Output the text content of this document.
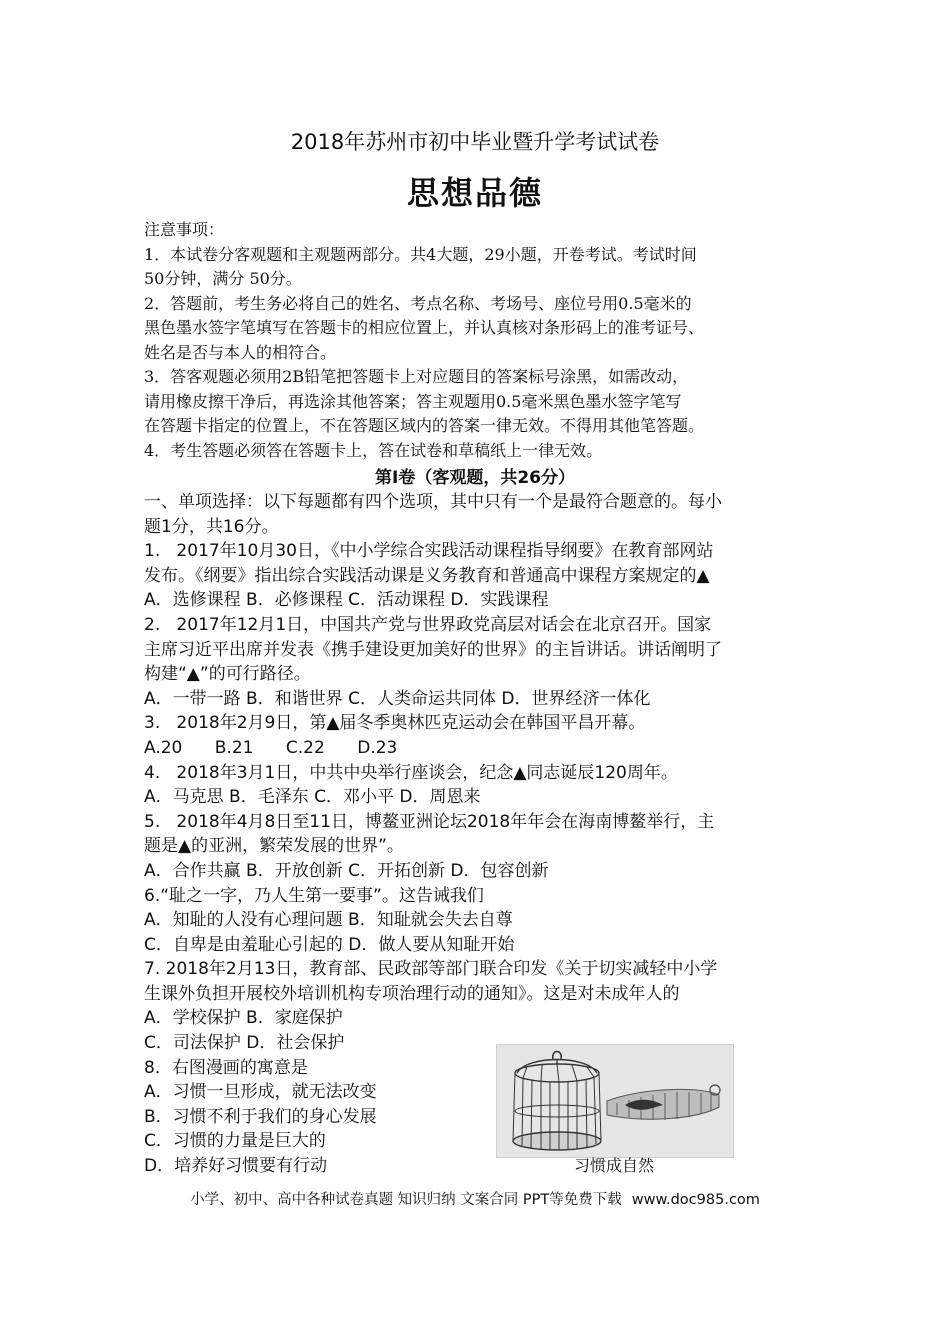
2018年苏州市初中毕业暨升学考试试卷
思想品德

注意事项：

1．本试卷分客观题和主观题两部分。共4大题，29小题，开卷考试。考试时间

50分钟，满分 50分。

2．答题前，考生务必将自己的姓名、考点名称、考场号、座位号用0.5毫米的

黑色墨水签字笔填写在答题卡的相应位置上，并认真核对条形码上的准考证号、

姓名是否与本人的相符合。

3．答客观题必须用2B铅笔把答题卡上对应题目的答案标号涂黑，如需改动，

请用橡皮擦干净后，再选涂其他答案；答主观题用0.5毫米黑色墨水签字笔写

在答题卡指定的位置上，不在答题区域内的答案一律无效。不得用其他笔答题。

4．考生答题必须答在答题卡上，答在试卷和草稿纸上一律无效。

第Ⅰ卷（客观题，共26分）

一、单项选择：以下每题都有四个选项，其中只有一个是最符合题意的。每小

题1分，共16分。

1.   2017年10月30日，《中小学综合实践活动课程指导纲要》在教育部网站

发布。《纲要》指出综合实践活动课是义务教育和普通高中课程方案规定的▲

A．选修课程 B．必修课程 C．活动课程 D．实践课程

2.   2017年12月1日，中国共产党与世界政党高层对话会在北京召开。国家

主席习近平出席并发表《携手建设更加美好的世界》的主旨讲话。讲话阐明了

构建“▲”的可行路径。

A．一带一路 B．和谐世界 C．人类命运共同体 D．世界经济一体化

3.   2018年2月9日，第▲届冬季奥林匹克运动会在韩国平昌开幕。

A.20      B.21      C.22      D.23

4.   2018年3月1日，中共中央举行座谈会，纪念▲同志诞辰120周年。

A．马克思 B．毛泽东 C．邓小平 D．周恩来

5.   2018年4月8日至11日，博鳌亚洲论坛2018年年会在海南博鳌举行，主

题是▲的亚洲，繁荣发展的世界”。

A．合作共赢 B．开放创新 C．开拓创新 D．包容创新

6.“耻之一字，乃人生第一要事”。这告诫我们

A．知耻的人没有心理问题 B．知耻就会失去自尊

C．自卑是由羞耻心引起的 D．做人要从知耻开始

7. 2018年2月13日，教育部、民政部等部门联合印发《关于切实减轻中小学

生课外负担开展校外培训机构专项治理行动的通知》。这是对未成年人的

A．学校保护 B．家庭保护

C．司法保护 D．社会保护

8．右图漫画的寓意是

A．习惯一旦形成，就无法改变

B．习惯不利于我们的身心发展

C．习惯的力量是巨大的

D．培养好习惯要有行动	习惯成自然
小学、初中、高中各种试卷真题 知识归纳 文案合同 PPT等免费下载 www.doc985.com
